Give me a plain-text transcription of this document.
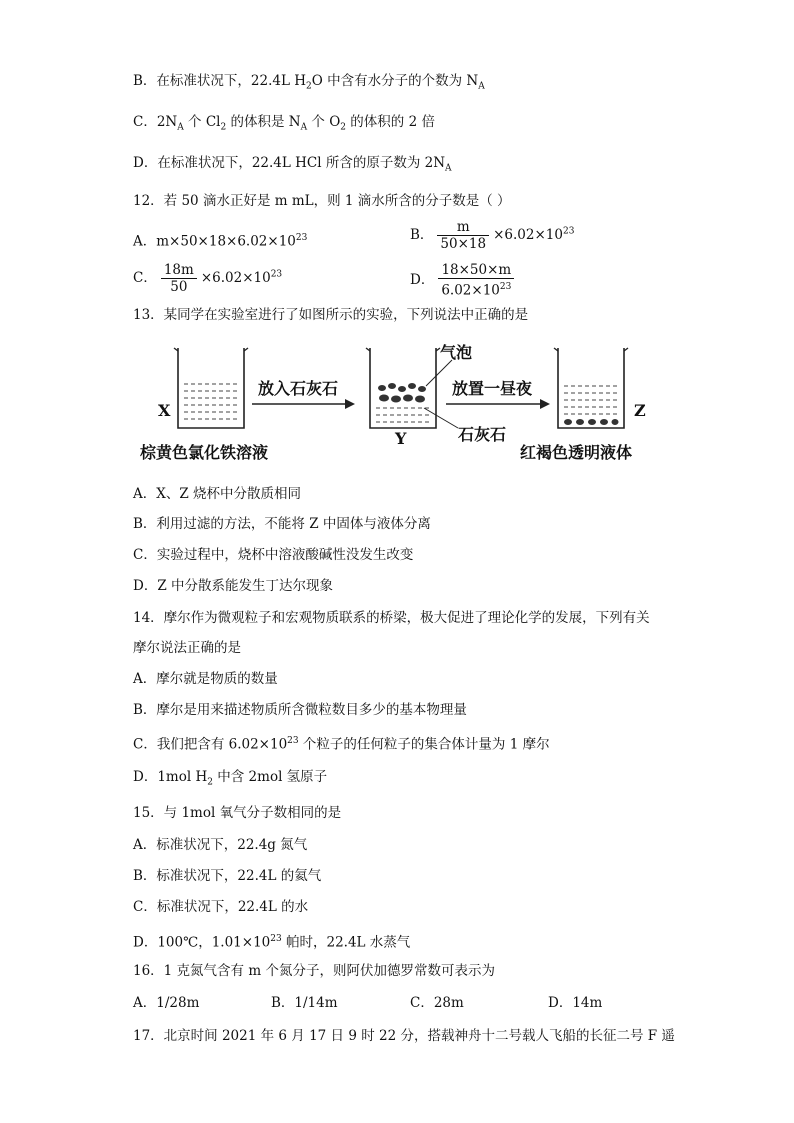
B．在标准状况下，22.4L $H_2O$ 中含有水分子的个数为 $N_A$
C．$2N_A$ 个 $Cl_2$ 的体积是 $N_A$ 个 $O_2$ 的体积的 2 倍
D．在标准状况下，22.4L HCl 所含的原子数为 $2N_A$
12．若 50 滴水正好是 m mL，则 1 滴水所含的分子数是（ ）
A．$m\times 50\times 18\times 6.02\times 10^{23}$	B． $\frac{m}{50\times 18} \times 6.02\times 10^{23}$
C． $\frac{18m}{50} \times 6.02\times 10^{23}$	D． $\frac{18\times 50\times m}{6.02\times 10^{23}}$
13．某同学在实验室进行了如图所示的实验，下列说法中正确的是
X
放入石灰石
Y
气泡
石灰石
放置一昼夜
Z
棕黄色氯化铁溶液	红褐色透明液体
A．X、Z 烧杯中分散质相同
B．利用过滤的方法，不能将 Z 中固体与液体分离
C．实验过程中，烧杯中溶液酸碱性没发生改变
D．Z 中分散系能发生丁达尔现象
14．摩尔作为微观粒子和宏观物质联系的桥梁，极大促进了理论化学的发展，下列有关
摩尔说法正确的是
A．摩尔就是物质的数量
B．摩尔是用来描述物质所含微粒数目多少的基本物理量
C．我们把含有 $6.02\times 10^{23}$ 个粒子的任何粒子的集合体计量为 1 摩尔
D．1mol $H_2$ 中含 2mol 氢原子
15．与 1mol 氧气分子数相同的是
A．标准状况下，22.4g 氮气
B．标准状况下，22.4L 的氦气
C．标准状况下，22.4L 的水
D．100℃，$1.01\times 10^{23}$ 帕时，22.4L 水蒸气
16．1 克氮气含有 m 个氮分子，则阿伏加德罗常数可表示为
A．1/28m	B．1/14m	C．28m	D．14m
17．北京时间 2021 年 6 月 17 日 9 时 22 分，搭载神舟十二号载人飞船的长征二号 F 遥
